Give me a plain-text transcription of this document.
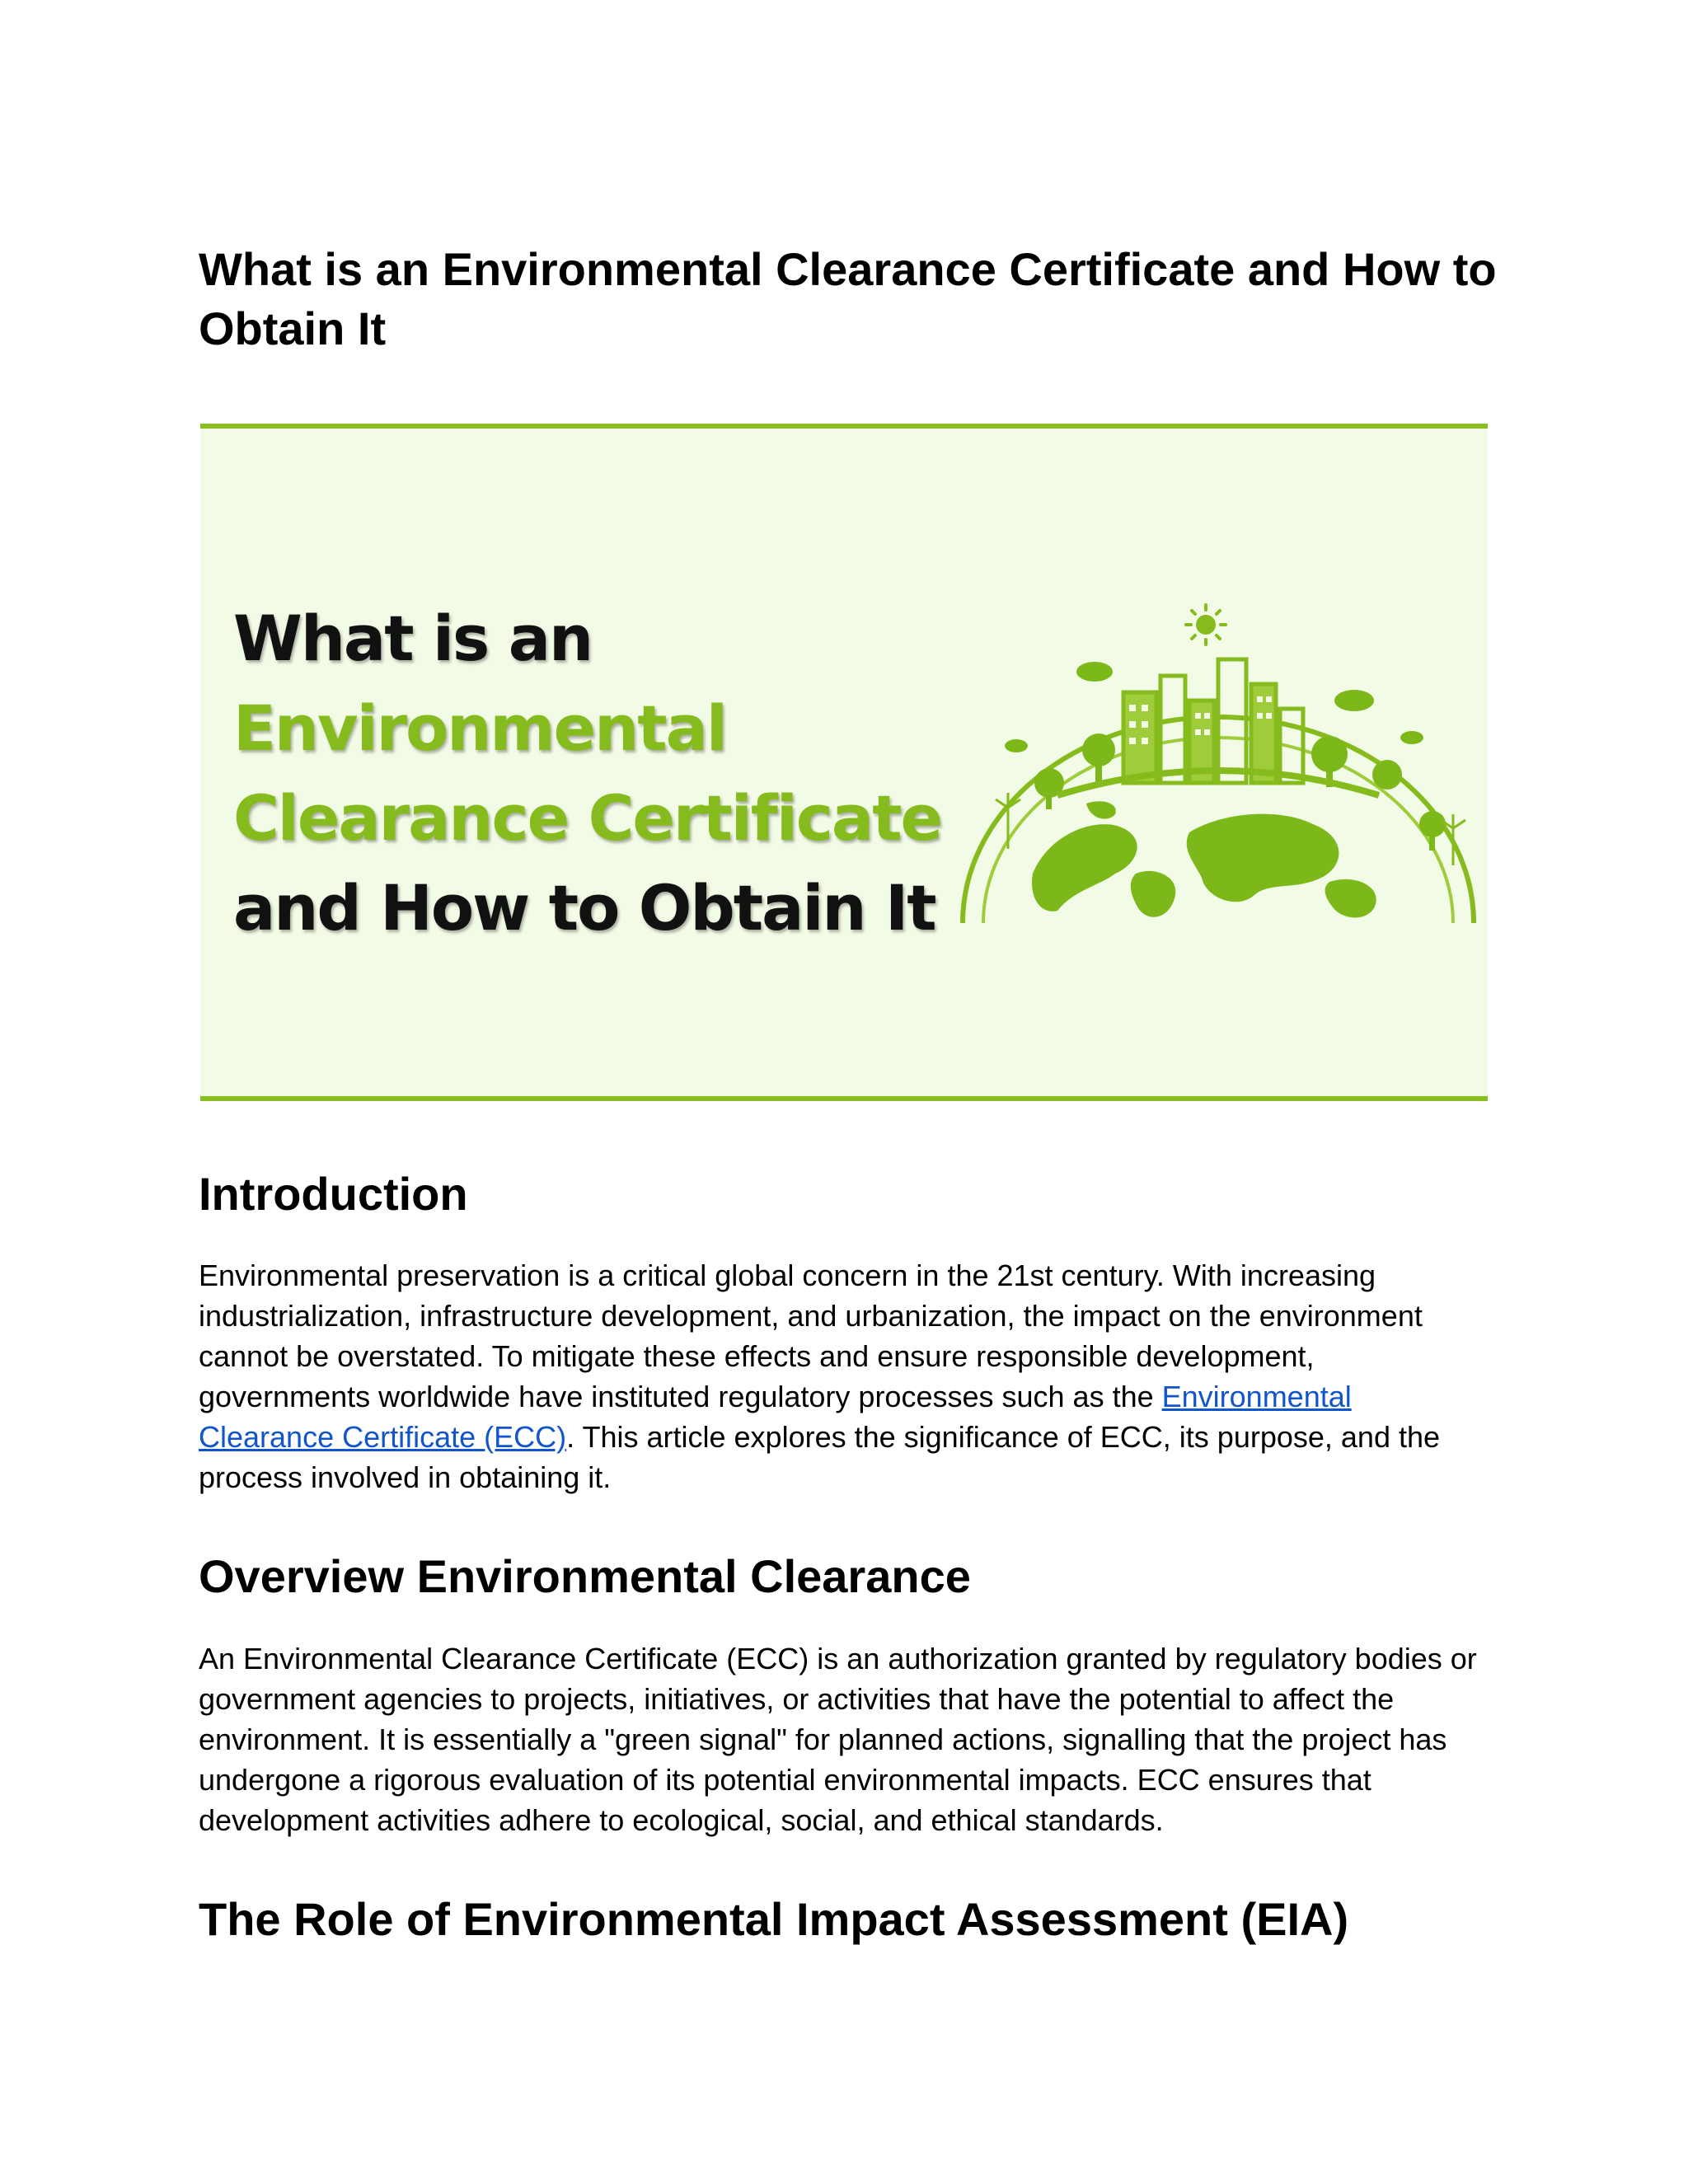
What is an Environmental Clearance Certificate and How to Obtain It
What is an
Environmental
Clearance Certificate
and How to Obtain It
Introduction

Environmental preservation is a critical global concern in the 21st century. With increasing industrialization, infrastructure development, and urbanization, the impact on the environment cannot be overstated. To mitigate these effects and ensure responsible development, governments worldwide have instituted regulatory processes such as the Environmental Clearance Certificate (ECC). This article explores the significance of ECC, its purpose, and the process involved in obtaining it.

Overview Environmental Clearance

An Environmental Clearance Certificate (ECC) is an authorization granted by regulatory bodies or government agencies to projects, initiatives, or activities that have the potential to affect the environment. It is essentially a "green signal" for planned actions, signalling that the project has undergone a rigorous evaluation of its potential environmental impacts. ECC ensures that development activities adhere to ecological, social, and ethical standards.

The Role of Environmental Impact Assessment (EIA)
